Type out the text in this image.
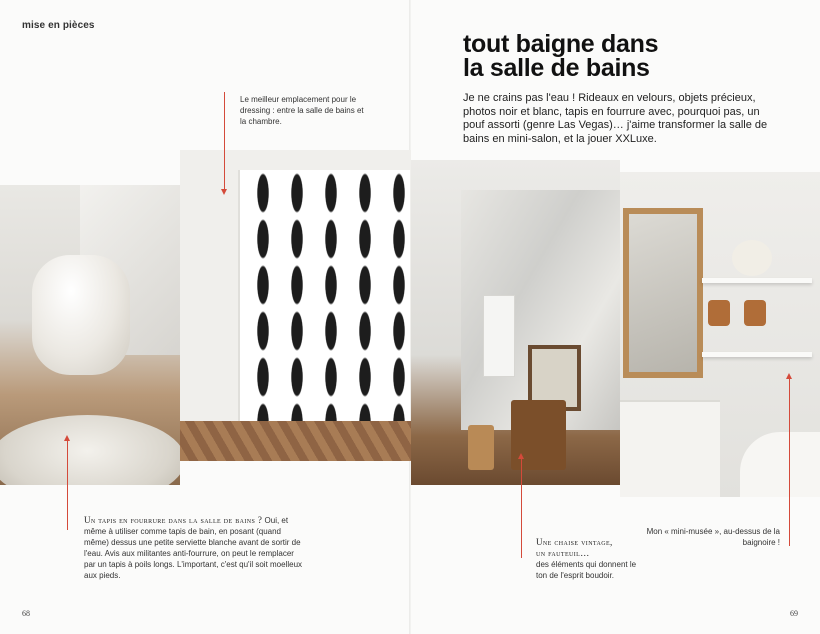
mise en pièces
tout baigne dans
la salle de bains
Je ne crains pas l'eau ! Rideaux en velours, objets précieux, photos noir et blanc, tapis en fourrure avec, pourquoi pas, un pouf assorti (genre Las Vegas)… j'aime transformer la salle de bains en mini-salon, et la jouer XXLuxe.
Le meilleur emplacement pour le dressing : entre la salle de bains et la chambre.
Un tapis en fourrure dans la salle de bains ? Oui, et même à utiliser comme tapis de bain, en posant (quand même) dessus une petite serviette blanche avant de sortir de l'eau. Avis aux militantes anti-fourrure, on peut le remplacer par un tapis à poils longs. L'important, c'est qu'il soit moelleux aux pieds.
Une chaise vintage,
un fauteuil…
des éléments qui donnent le ton de l'esprit boudoir.
Mon « mini-musée », au-dessus de la baignoire !
68	69
